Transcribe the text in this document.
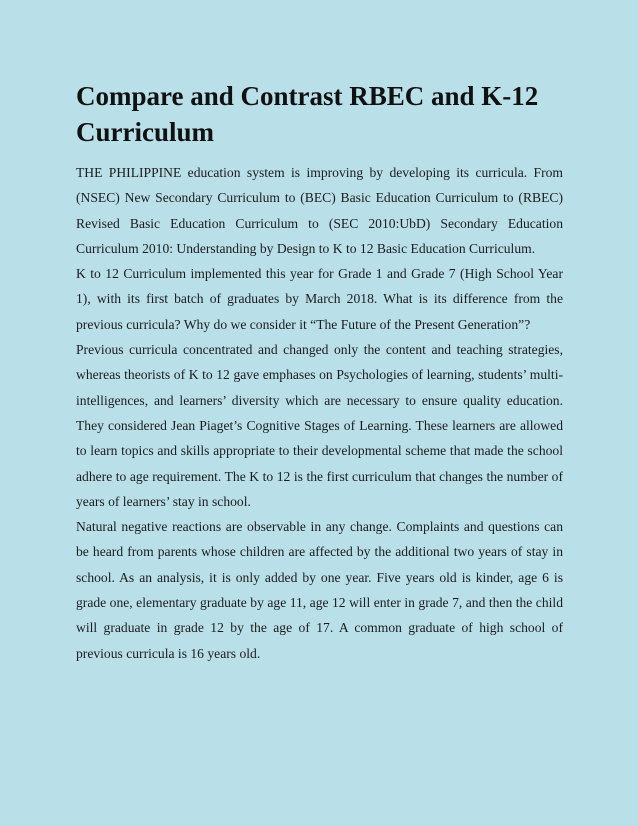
Compare and Contrast RBEC and K-12 Curriculum

THE PHILIPPINE education system is improving by developing its curricula. From (NSEC) New Secondary Curriculum to (BEC) Basic Education Curriculum to (RBEC) Revised Basic Education Curriculum to (SEC 2010:UbD) Secondary Education Curriculum 2010: Understanding by Design to K to 12 Basic Education Curriculum.

K to 12 Curriculum implemented this year for Grade 1 and Grade 7 (High School Year 1), with its first batch of graduates by March 2018. What is its difference from the previous curricula? Why do we consider it “The Future of the Present Generation”?

Previous curricula concentrated and changed only the content and teaching strategies, whereas theorists of K to 12 gave emphases on Psychologies of learning, students’ multi-intelligences, and learners’ diversity which are necessary to ensure quality education. They considered Jean Piaget’s Cognitive Stages of Learning. These learners are allowed to learn topics and skills appropriate to their developmental scheme that made the school adhere to age requirement. The K to 12 is the first curriculum that changes the number of years of learners’ stay in school.

Natural negative reactions are observable in any change. Complaints and questions can be heard from parents whose children are affected by the additional two years of stay in school. As an analysis, it is only added by one year. Five years old is kinder, age 6 is grade one, elementary graduate by age 11, age 12 will enter in grade 7, and then the child will graduate in grade 12 by the age of 17. A common graduate of high school of previous curricula is 16 years old.
